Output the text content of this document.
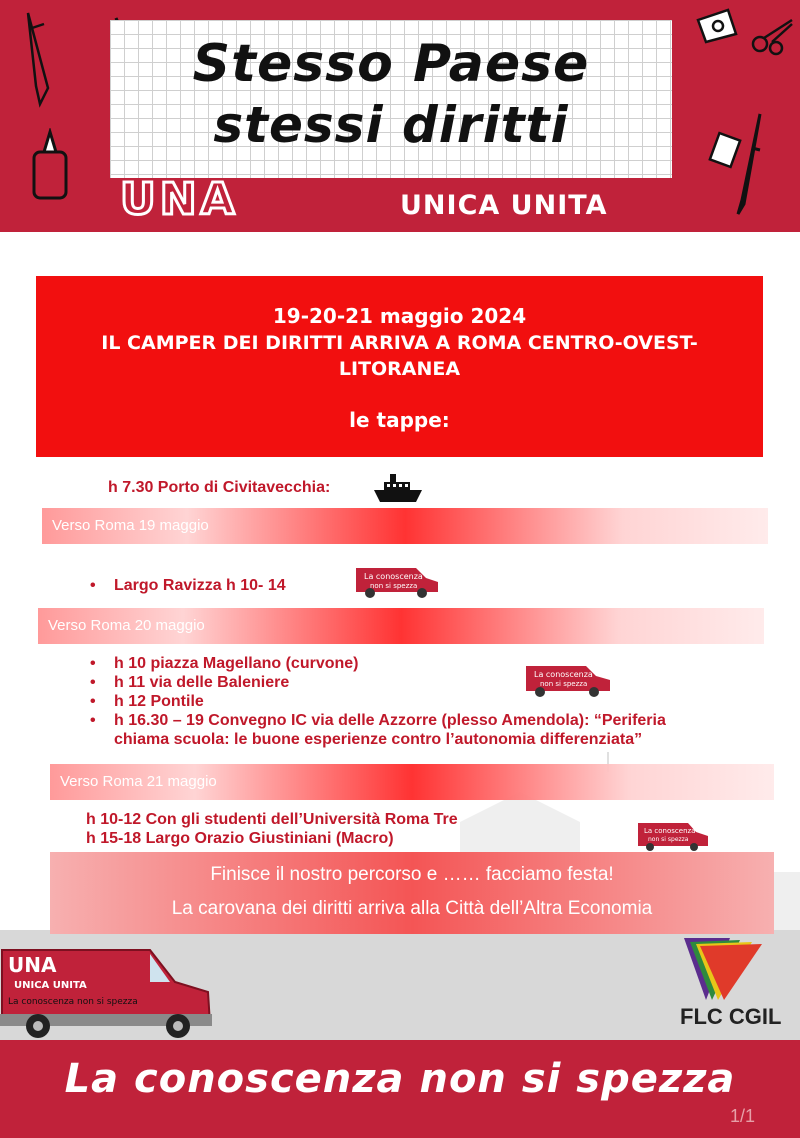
Stesso Paese
stessi diritti
UNA	UNICA UNITA
19-20-21 maggio 2024
IL CAMPER DEI DIRITTI ARRIVA A ROMA CENTRO-OVEST-LITORANEA
le tappe:
h 7.30 Porto di Civitavecchia:
Verso Roma 19 maggio
• Largo Ravizza h 10- 14
La conoscenza
non si spezza
Verso Roma 20 maggio
• h 10 piazza Magellano (curvone)
• h 11 via delle Baleniere
• h 12 Pontile
• h 16.30 – 19 Convegno IC via delle Azzorre (plesso Amendola): “Periferia chiama scuola: le buone esperienze contro l’autonomia differenziata”
La conoscenza
non si spezza
Verso Roma 21 maggio
h 10-12 Con gli studenti dell’Università Roma Tre
h 15-18 Largo Orazio Giustiniani (Macro)	La conoscenza
non si spezza
Finisce il nostro percorso e …… facciamo festa!
La carovana dei diritti arriva alla Città dell’Altra Economia
UNA
UNICA UNITA
La conoscenza non si spezza
FLC CGIL
La conoscenza non si spezza
1/1
